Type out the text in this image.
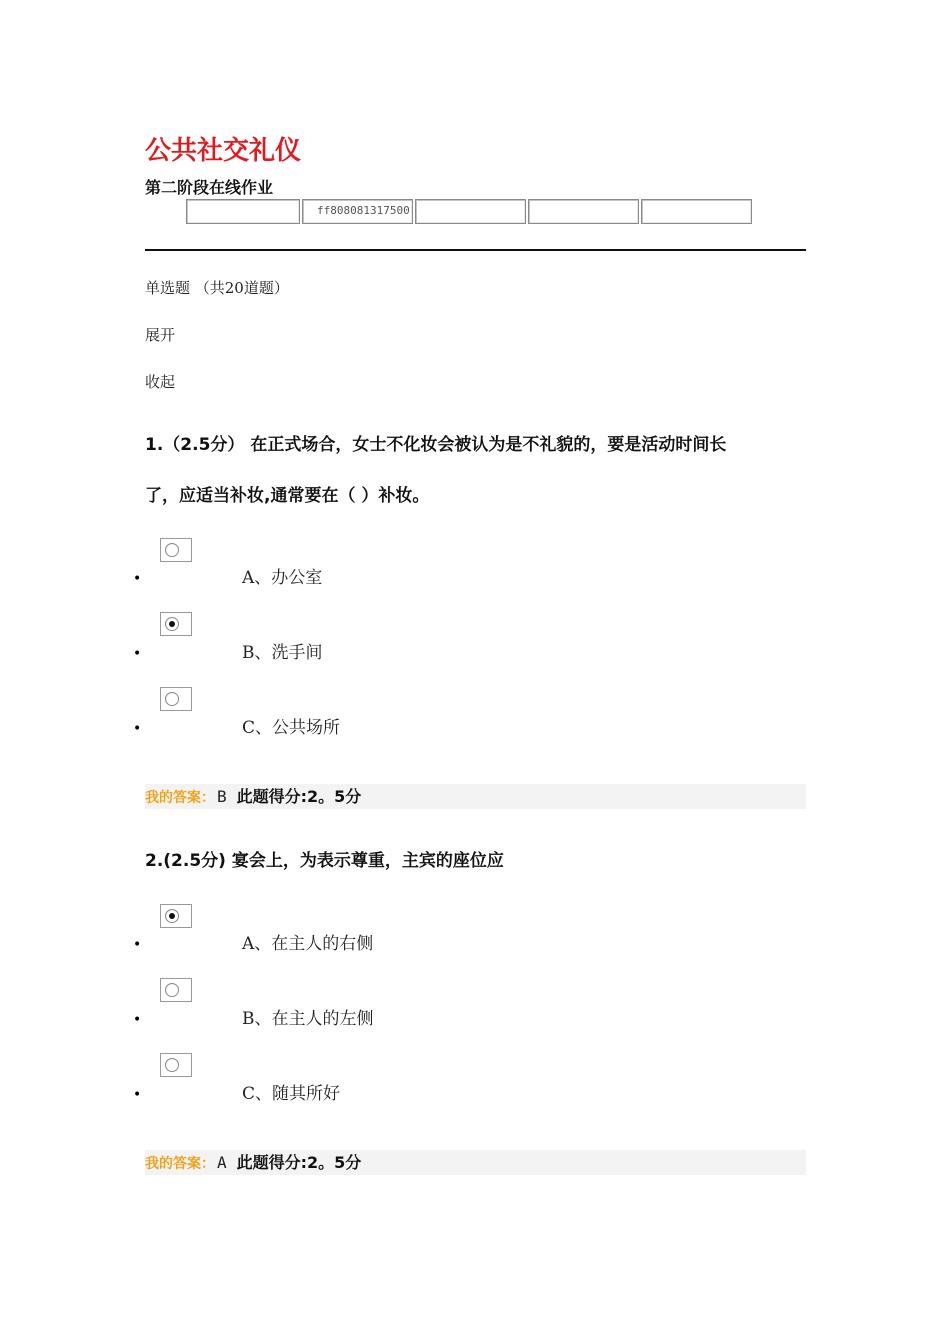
公共社交礼仪
第二阶段在线作业
ff808081317500
单选题 （共20道题）
展开
收起
1.（2.5分） 在正式场合，女士不化妆会被认为是不礼貌的，要是活动时间长
了，应适当补妆,通常要在（ ）补妆。
•	A、办公室
•	B、洗手间
•	C、公共场所
我的答案： B 此题得分:2。5分
2.(2.5分) 宴会上，为表示尊重，主宾的座位应
•	A、在主人的右侧
•	B、在主人的左侧
•	C、随其所好
我的答案： A 此题得分:2。5分
